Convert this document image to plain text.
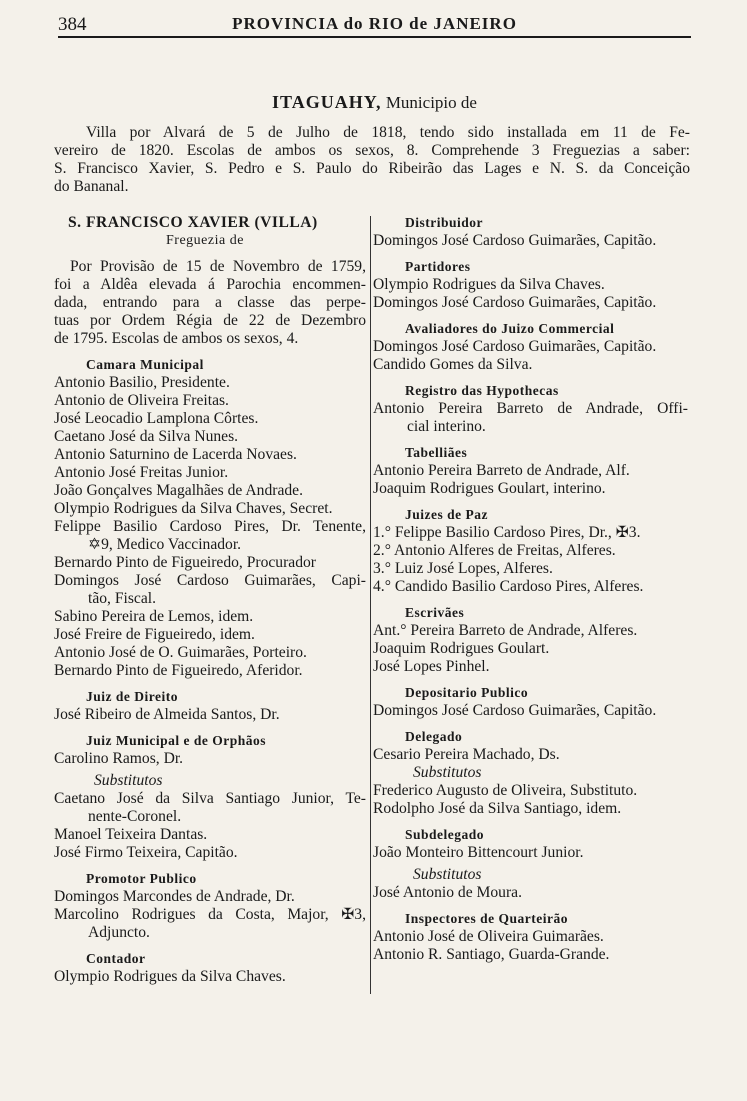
384	PROVINCIA do RIO de JANEIRO
ITAGUAHY, Municipio de
Villa por Alvará de 5 de Julho de 1818, tendo sido installada em 11 de Fe-
vereiro de 1820. Escolas de ambos os sexos, 8. Comprehende 3 Freguezias a saber:
S. Francisco Xavier, S. Pedro e S. Paulo do Ribeirão das Lages e N. S. da Conceição
do Bananal.
S. FRANCISCO XAVIER (VILLA)
Freguezia de
Por Provisão de 15 de Novembro de 1759,
foi a Aldêa elevada á Parochia encommen-
dada, entrando para a classe das perpe-
tuas por Ordem Régia de 22 de Dezembro
de 1795. Escolas de ambos os sexos, 4.
Camara Municipal
Antonio Basilio, Presidente.
Antonio de Oliveira Freitas.
José Leocadio Lamplona Côrtes.
Caetano José da Silva Nunes.
Antonio Saturnino de Lacerda Novaes.
Antonio José Freitas Junior.
João Gonçalves Magalhães de Andrade.
Olympio Rodrigues da Silva Chaves, Secret.
Felippe Basilio Cardoso Pires, Dr. Tenente,
✡9, Medico Vaccinador.
Bernardo Pinto de Figueiredo, Procurador
Domingos José Cardoso Guimarães, Capi-
tão, Fiscal.
Sabino Pereira de Lemos, idem.
José Freire de Figueiredo, idem.
Antonio José de O. Guimarães, Porteiro.
Bernardo Pinto de Figueiredo, Aferidor.
Juiz de Direito
José Ribeiro de Almeida Santos, Dr.
Juiz Municipal e de Orphãos
Carolino Ramos, Dr.
Substitutos
Caetano José da Silva Santiago Junior, Te-
nente-Coronel.
Manoel Teixeira Dantas.
José Firmo Teixeira, Capitão.
Promotor Publico
Domingos Marcondes de Andrade, Dr.
Marcolino Rodrigues da Costa, Major, ✠3,
Adjuncto.
Contador
Olympio Rodrigues da Silva Chaves.
Distribuidor
Domingos José Cardoso Guimarães, Capitão.
Partidores
Olympio Rodrigues da Silva Chaves.
Domingos José Cardoso Guimarães, Capitão.
Avaliadores do Juizo Commercial
Domingos José Cardoso Guimarães, Capitão.
Candido Gomes da Silva.
Registro das Hypothecas
Antonio Pereira Barreto de Andrade, Offi-
cial interino.
Tabelliães
Antonio Pereira Barreto de Andrade, Alf.
Joaquim Rodrigues Goulart, interino.
Juizes de Paz
1.° Felippe Basilio Cardoso Pires, Dr., ✠3.
2.° Antonio Alferes de Freitas, Alferes.
3.° Luiz José Lopes, Alferes.
4.° Candido Basilio Cardoso Pires, Alferes.
Escrivães
Ant.° Pereira Barreto de Andrade, Alferes.
Joaquim Rodrigues Goulart.
José Lopes Pinhel.
Depositario Publico
Domingos José Cardoso Guimarães, Capitão.
Delegado
Cesario Pereira Machado, Ds.
Substitutos
Frederico Augusto de Oliveira, Substituto.
Rodolpho José da Silva Santiago, idem.
Subdelegado
João Monteiro Bittencourt Junior.
Substitutos
José Antonio de Moura.
Inspectores de Quarteirão
Antonio José de Oliveira Guimarães.
Antonio R. Santiago, Guarda-Grande.
